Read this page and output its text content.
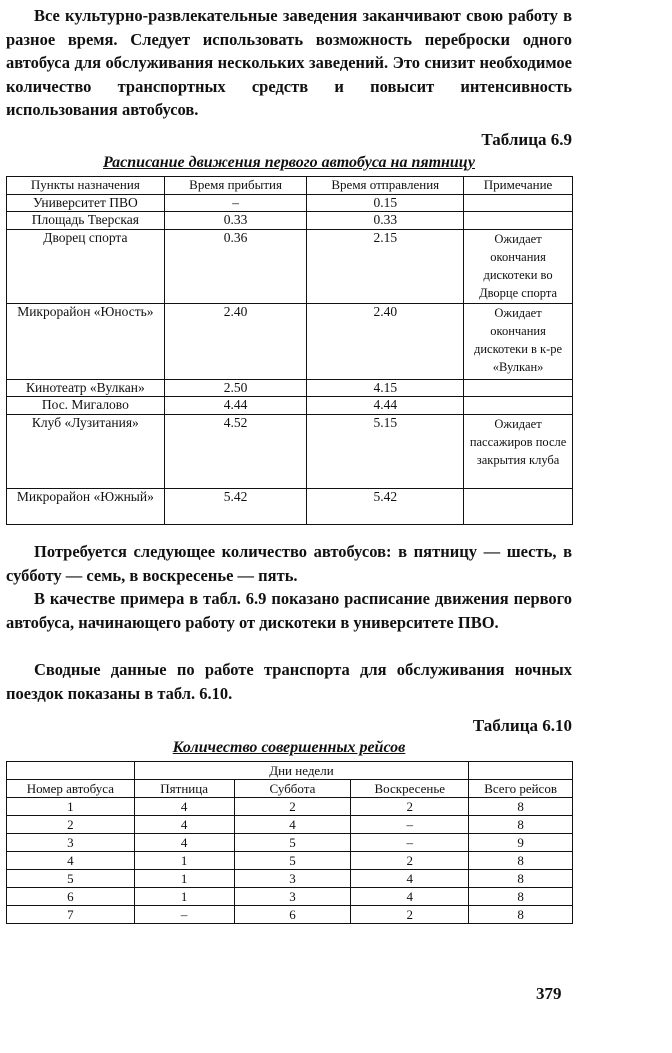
Все культурно-развлекательные заведения заканчивают свою работу в разное время. Следует использовать возможность переброски одного автобуса для обслуживания нескольких заведений. Это снизит необходимое количество транспортных средств и повысит интенсивность использования автобусов.

Таблица 6.9
Расписание движения первого автобуса на пятницу
Пункты назначения	Время прибытия	Время отправления	Примечание
Университет ПВО	–	0.15	
Площадь Тверская	0.33	0.33	
Дворец спорта	0.36	2.15	Ожидает окончания дискотеки во Дворце спорта
Микрорайон «Юность»	2.40	2.40	Ожидает окончания дискотеки в к-ре «Вулкан»
Кинотеатр «Вулкан»	2.50	4.15	
Пос. Мигалово	4.44	4.44	
Клуб «Лузитания»	4.52	5.15	Ожидает пассажиров после закрытия клуба
Микрорайон «Южный»	5.42	5.42	

Потребуется следующее количество автобусов: в пятницу — шесть, в субботу — семь, в воскресенье — пять.

В качестве примера в табл. 6.9 показано расписание движения первого автобуса, начинающего работу от дискотеки в университете ПВО.

Сводные данные по работе транспорта для обслуживания ночных поездок показаны в табл. 6.10.

Таблица 6.10
Количество совершенных рейсов
	Дни недели			
Номер автобуса	Пятница	Суббота	Воскресенье	Всего рейсов
1	4	2	2	8
2	4	4	–	8
3	4	5	–	9
4	1	5	2	8
5	1	3	4	8
6	1	3	4	8
7	–	6	2	8
379
